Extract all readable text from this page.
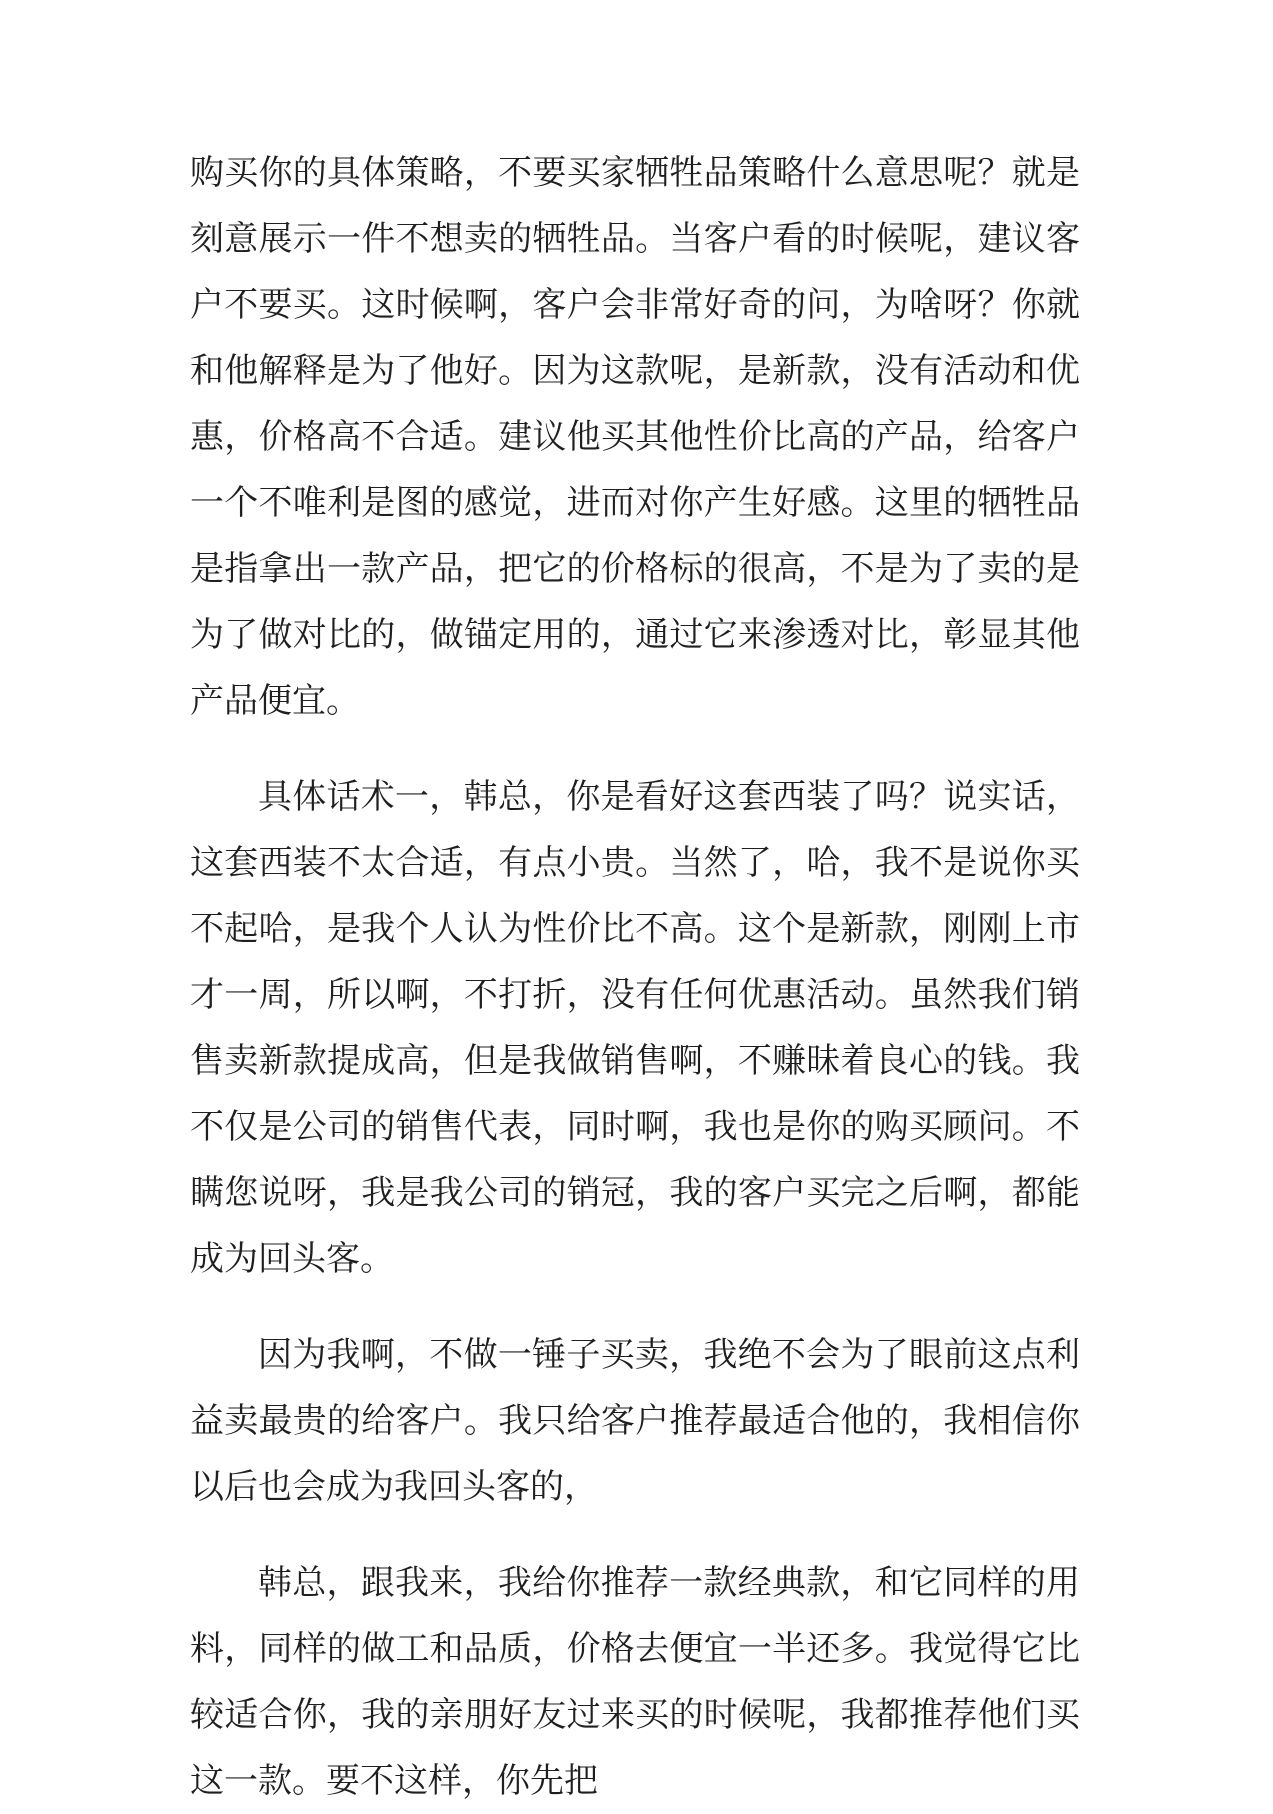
购买你的具体策略，不要买家牺牲品策略什么意思呢？就是刻意展示一件不想卖的牺牲品。当客户看的时候呢，建议客户不要买。这时候啊，客户会非常好奇的问，为啥呀？你就和他解释是为了他好。因为这款呢，是新款，没有活动和优惠，价格高不合适。建议他买其他性价比高的产品，给客户一个不唯利是图的感觉，进而对你产生好感。这里的牺牲品是指拿出一款产品，把它的价格标的很高，不是为了卖的是为了做对比的，做锚定用的，通过它来渗透对比，彰显其他产品便宜。

具体话术一，韩总，你是看好这套西装了吗？说实话，这套西装不太合适，有点小贵。当然了，哈，我不是说你买不起哈，是我个人认为性价比不高。这个是新款，刚刚上市才一周，所以啊，不打折，没有任何优惠活动。虽然我们销售卖新款提成高，但是我做销售啊，不赚昧着良心的钱。我不仅是公司的销售代表，同时啊，我也是你的购买顾问。不瞒您说呀，我是我公司的销冠，我的客户买完之后啊，都能成为回头客。

因为我啊，不做一锤子买卖，我绝不会为了眼前这点利益卖最贵的给客户。我只给客户推荐最适合他的，我相信你以后也会成为我回头客的，

韩总，跟我来，我给你推荐一款经典款，和它同样的用料，同样的做工和品质，价格去便宜一半还多。我觉得它比较适合你，我的亲朋好友过来买的时候呢，我都推荐他们买这一款。要不这样，你先把
